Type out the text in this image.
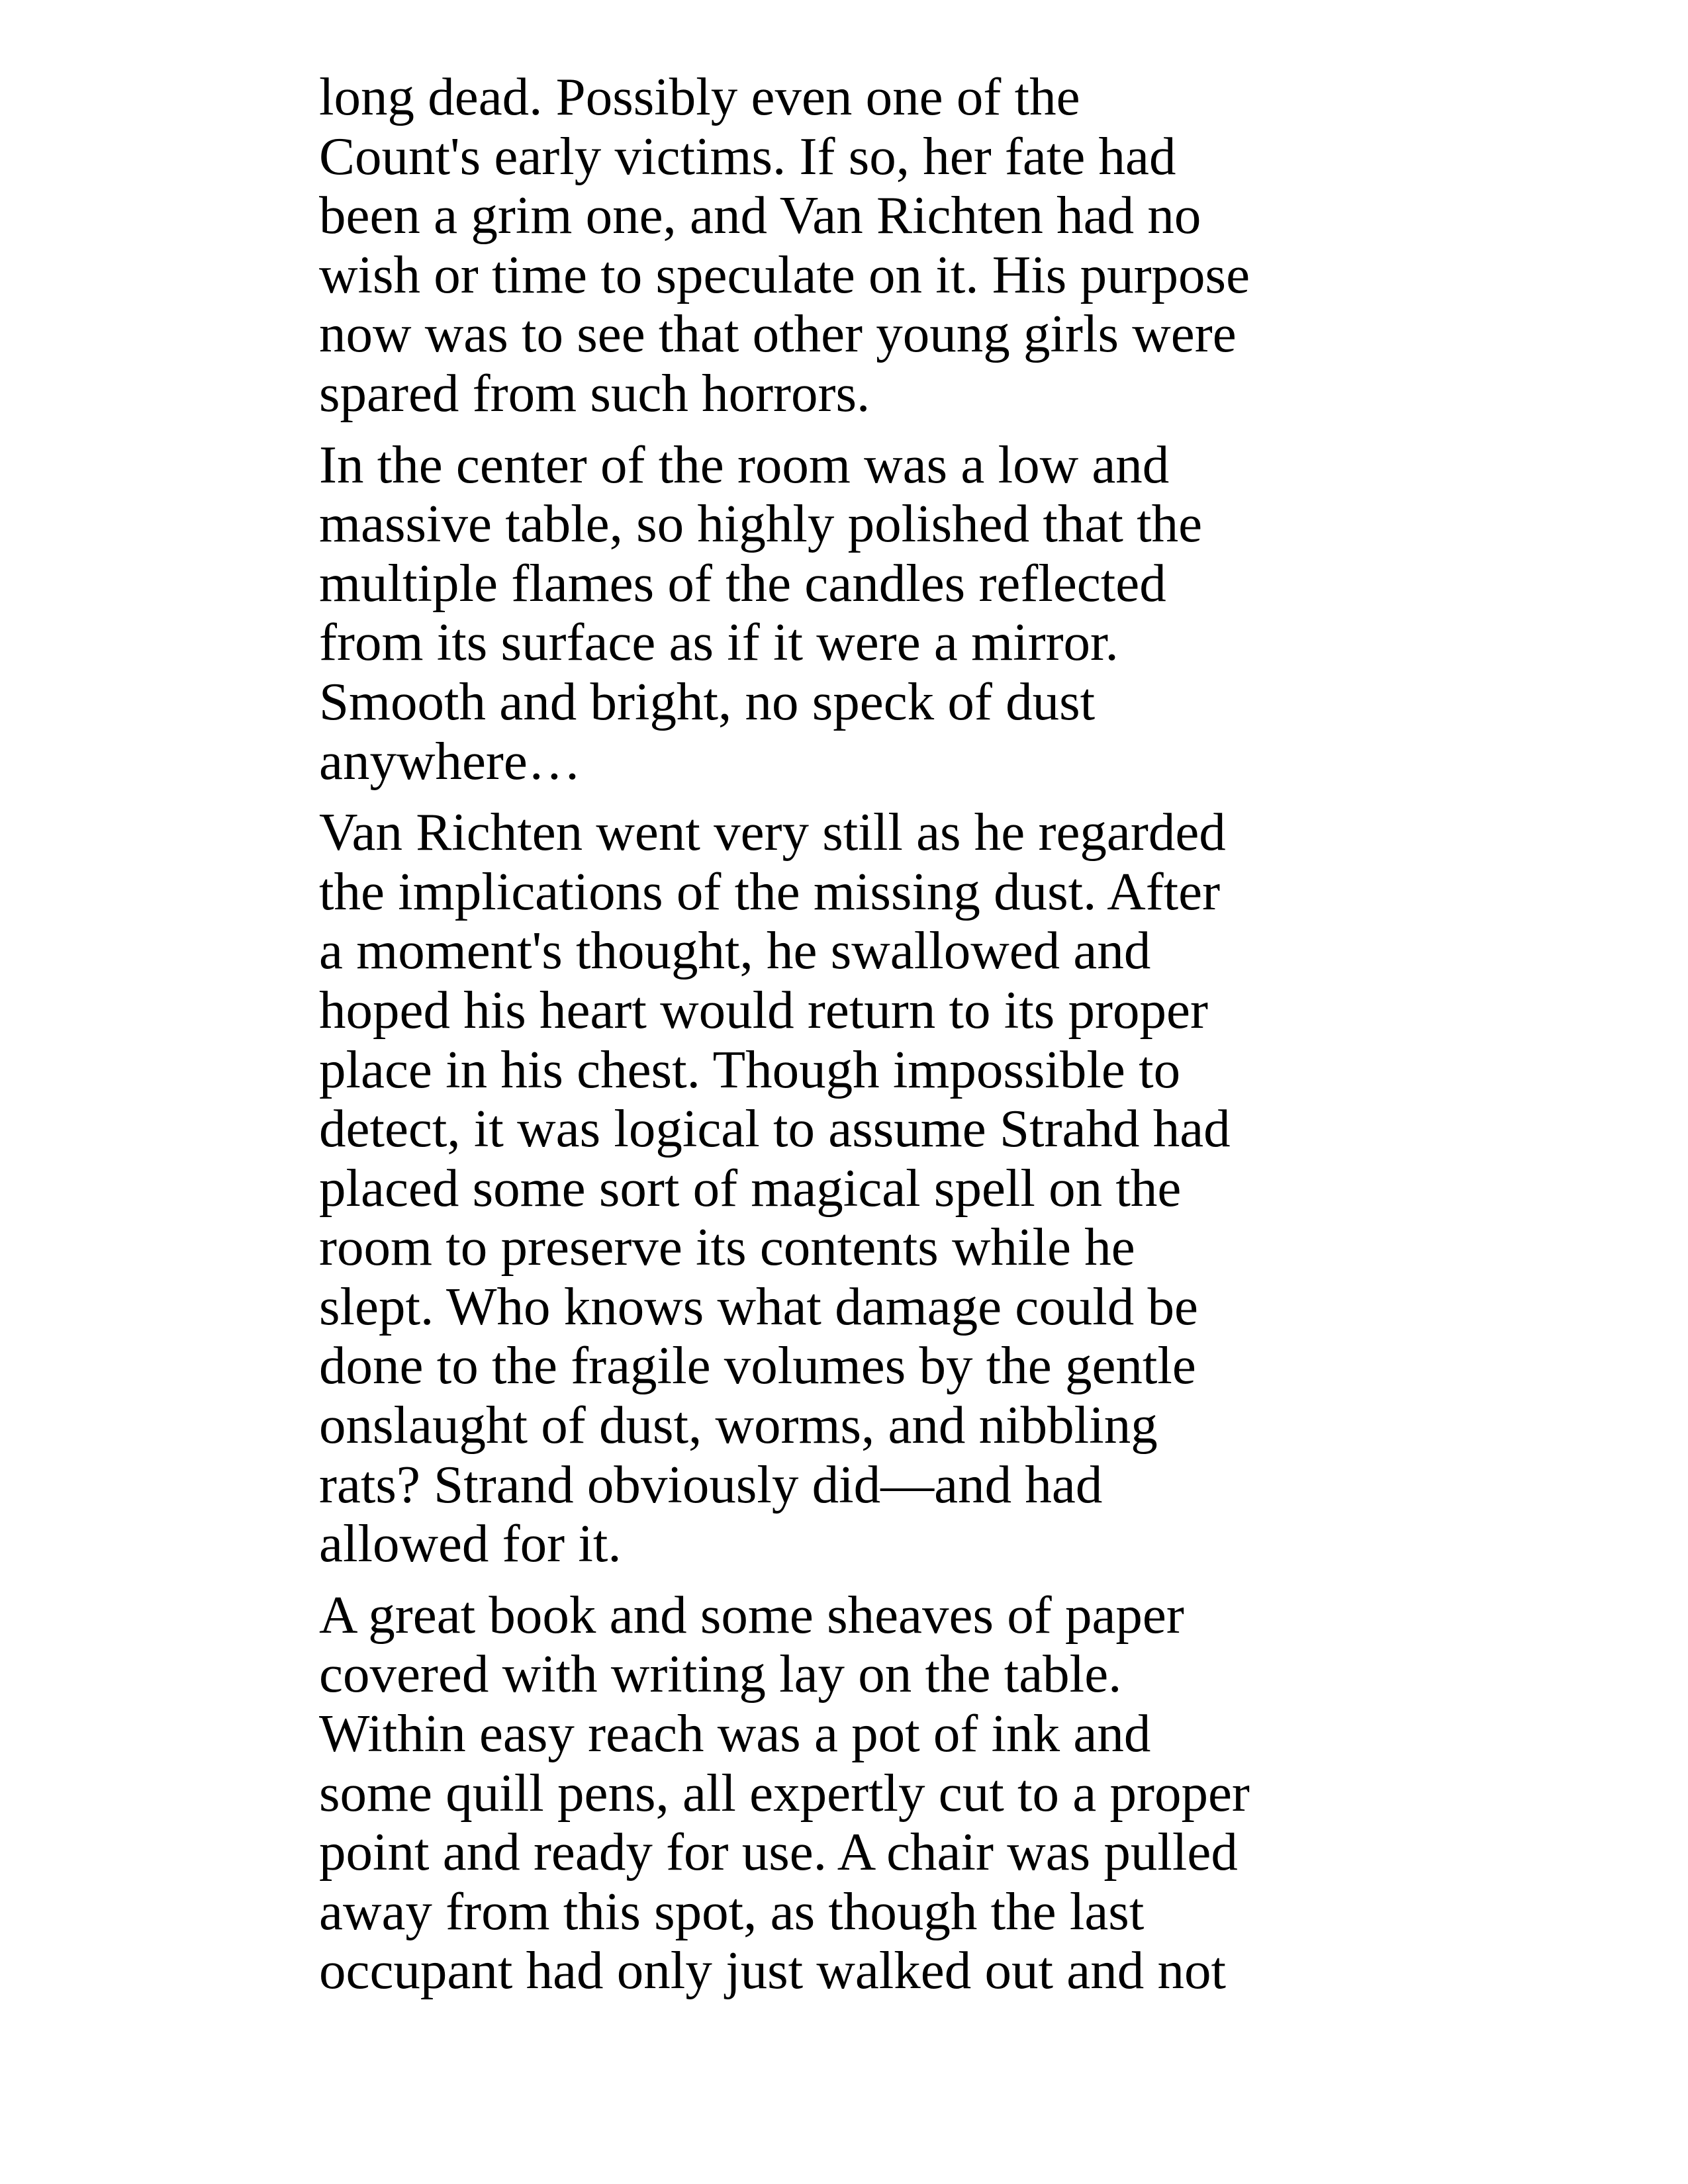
long dead. Possibly even one of the
Count's early victims. If so, her fate had
been a grim one, and Van Richten had no
wish or time to speculate on it. His purpose
now was to see that other young girls were
spared from such horrors.

In the center of the room was a low and
massive table, so highly polished that the
multiple flames of the candles reflected
from its surface as if it were a mirror.
Smooth and bright, no speck of dust
anywhere…

Van Richten went very still as he regarded
the implications of the missing dust. After
a moment's thought, he swallowed and
hoped his heart would return to its proper
place in his chest. Though impossible to
detect, it was logical to assume Strahd had
placed some sort of magical spell on the
room to preserve its contents while he
slept. Who knows what damage could be
done to the fragile volumes by the gentle
onslaught of dust, worms, and nibbling
rats? Strand obviously did—and had
allowed for it.

A great book and some sheaves of paper
covered with writing lay on the table.
Within easy reach was a pot of ink and
some quill pens, all expertly cut to a proper
point and ready for use. A chair was pulled
away from this spot, as though the last
occupant had only just walked out and not
